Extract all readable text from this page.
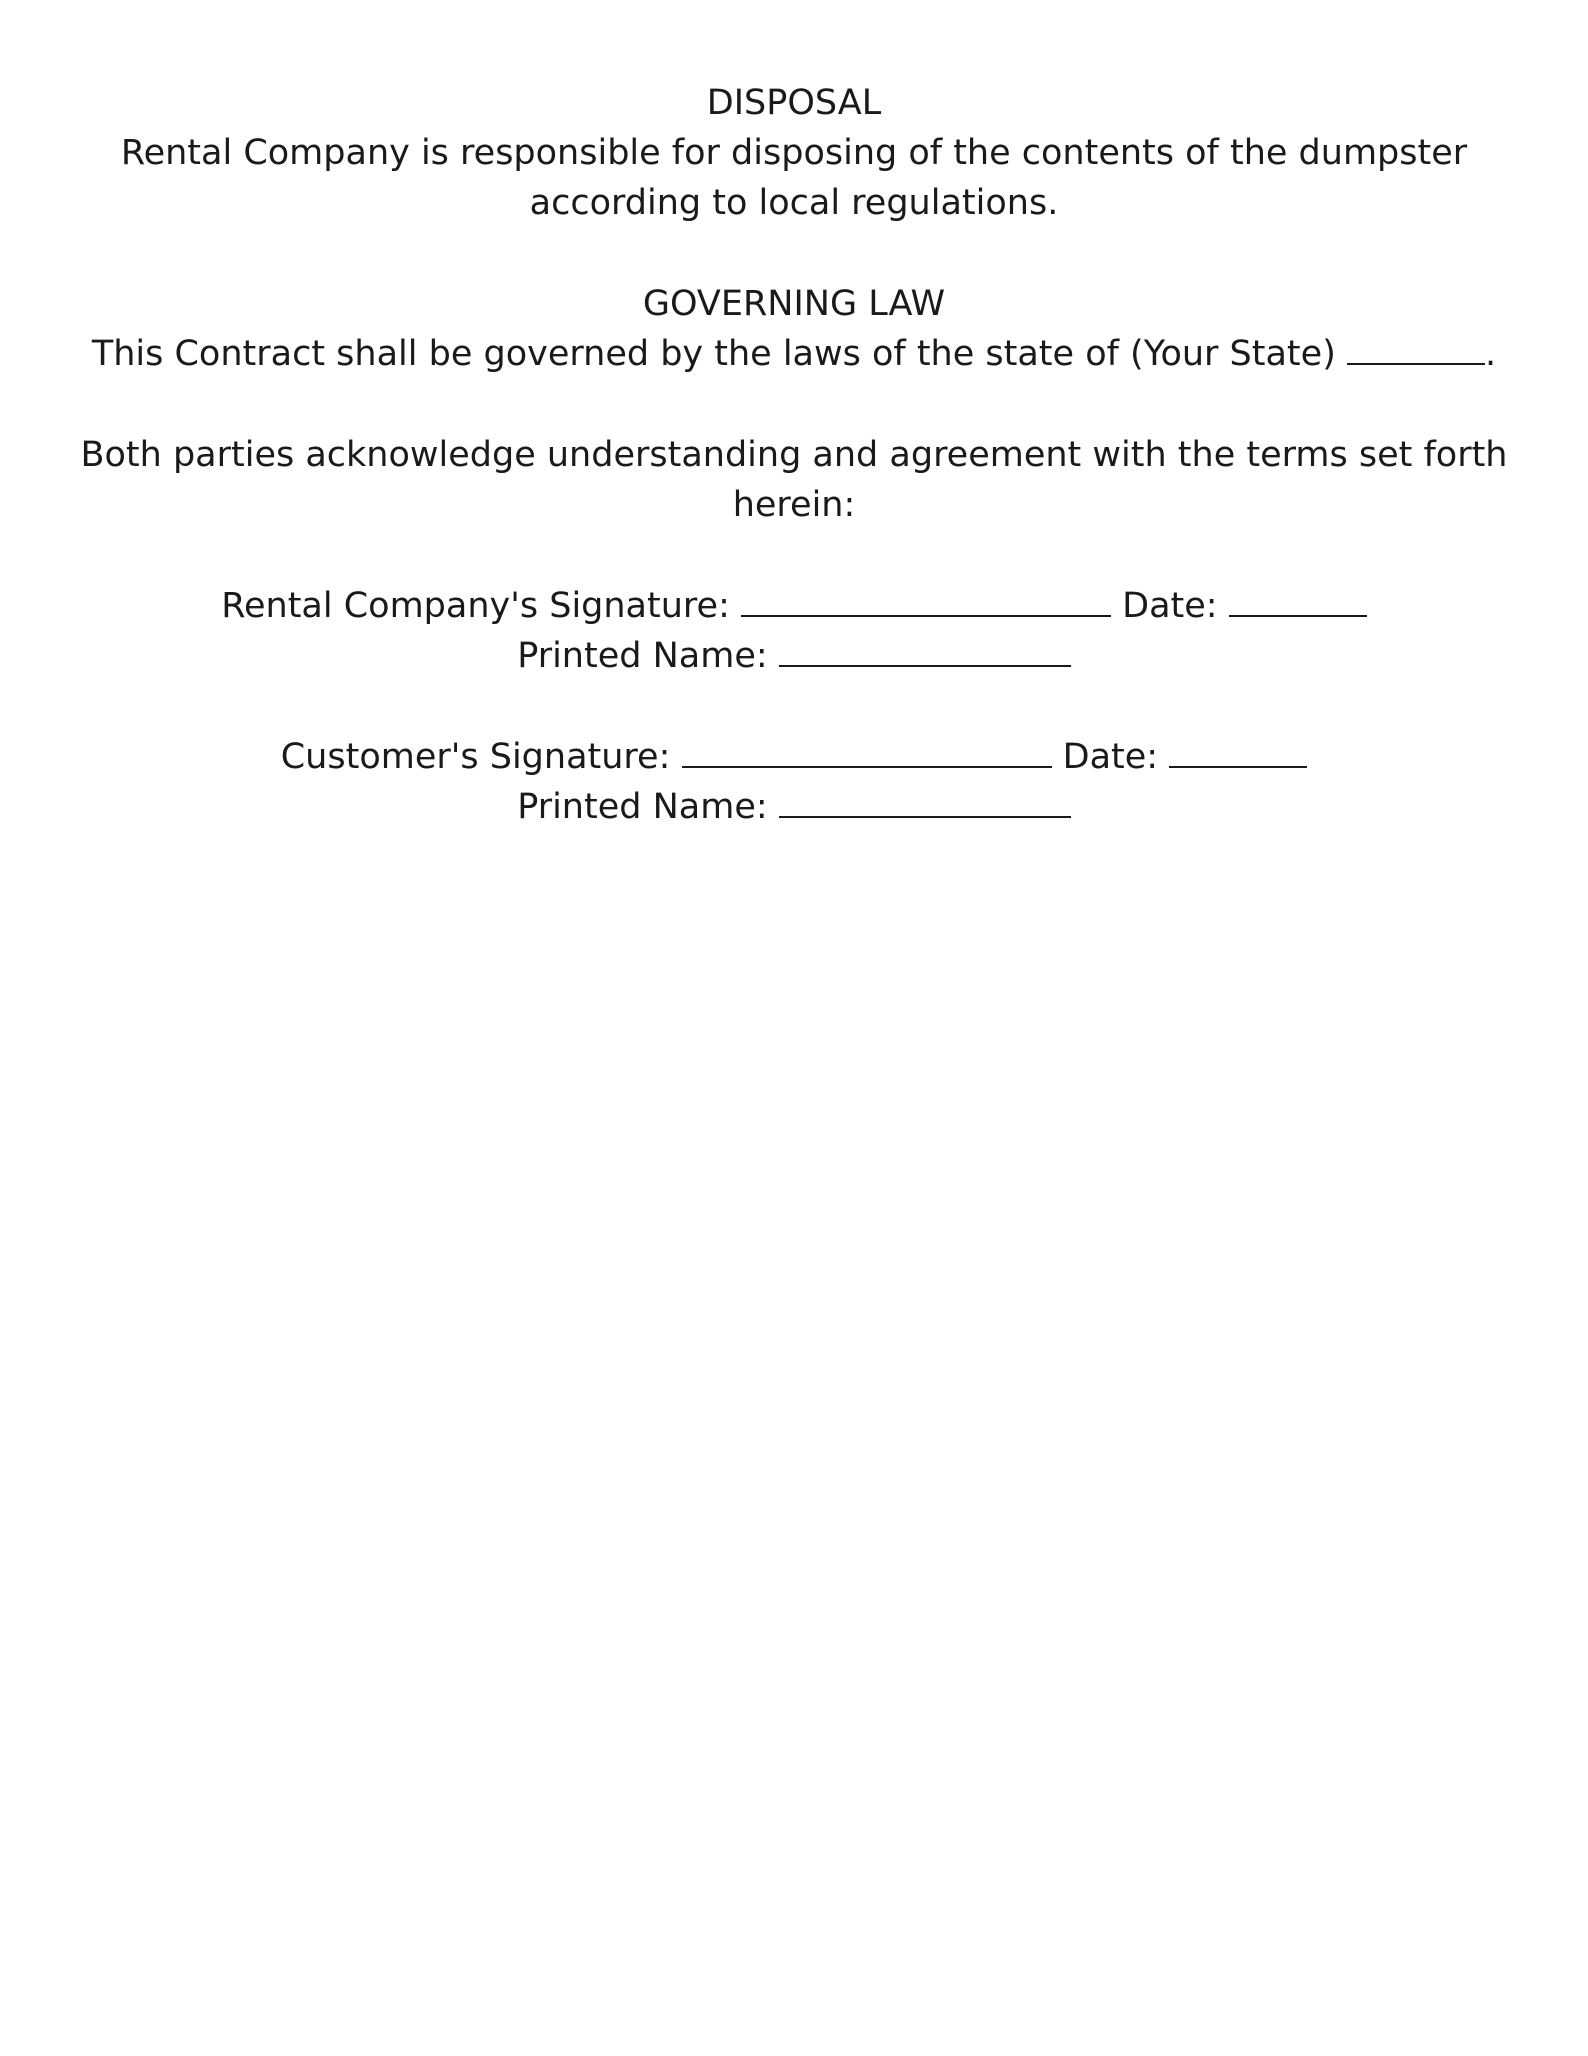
DISPOSAL
Rental Company is responsible for disposing of the contents of the dumpster
according to local regulations.
GOVERNING LAW
This Contract shall be governed by the laws of the state of (Your State)	.
Both parties acknowledge understanding and agreement with the terms set forth
herein:
Rental Company's Signature:	Date:
Printed Name:
Customer's Signature:	Date:
Printed Name:
